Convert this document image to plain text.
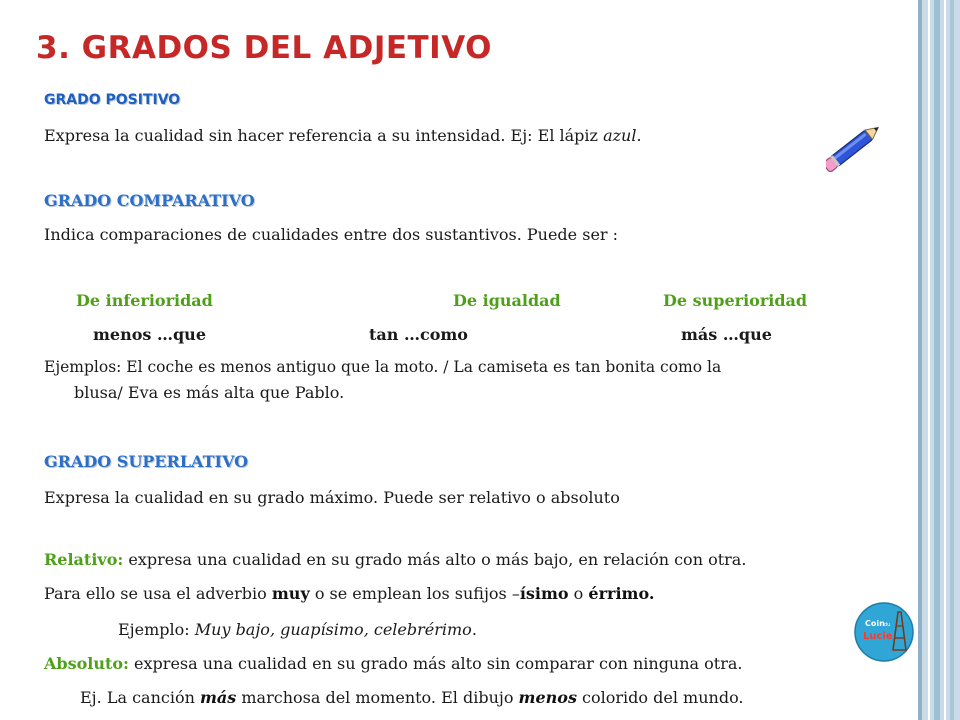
3. GRADOS DEL ADJETIVO
GRADO POSITIVO
Expresa la cualidad sin hacer referencia a su intensidad. Ej: El lápiz azul.
GRADO COMPARATIVO
Indica comparaciones de cualidades entre dos sustantivos. Puede ser :
De inferioridad	De igualdad	De superioridad
menos …que	tan …como	más …que
Ejemplos: El coche es menos antiguo que la moto. / La camiseta es tan bonita como la
blusa/ Eva es más alta que Pablo.
GRADO SUPERLATIVO
Expresa la cualidad en su grado máximo. Puede ser relativo o absoluto
Relativo: expresa una cualidad en su grado más alto o más bajo, en relación con otra.
Para ello se usa el adverbio muy o se emplean los sufijos –ísimo o érrimo.
Ejemplo: Muy bajo, guapísimo, celebrérimo.
Absoluto: expresa una cualidad en su grado más alto sin comparar con ninguna otra.
Ej. La canción más marchosa del momento. El dibujo menos colorido del mundo.
Coin du
Lucie
